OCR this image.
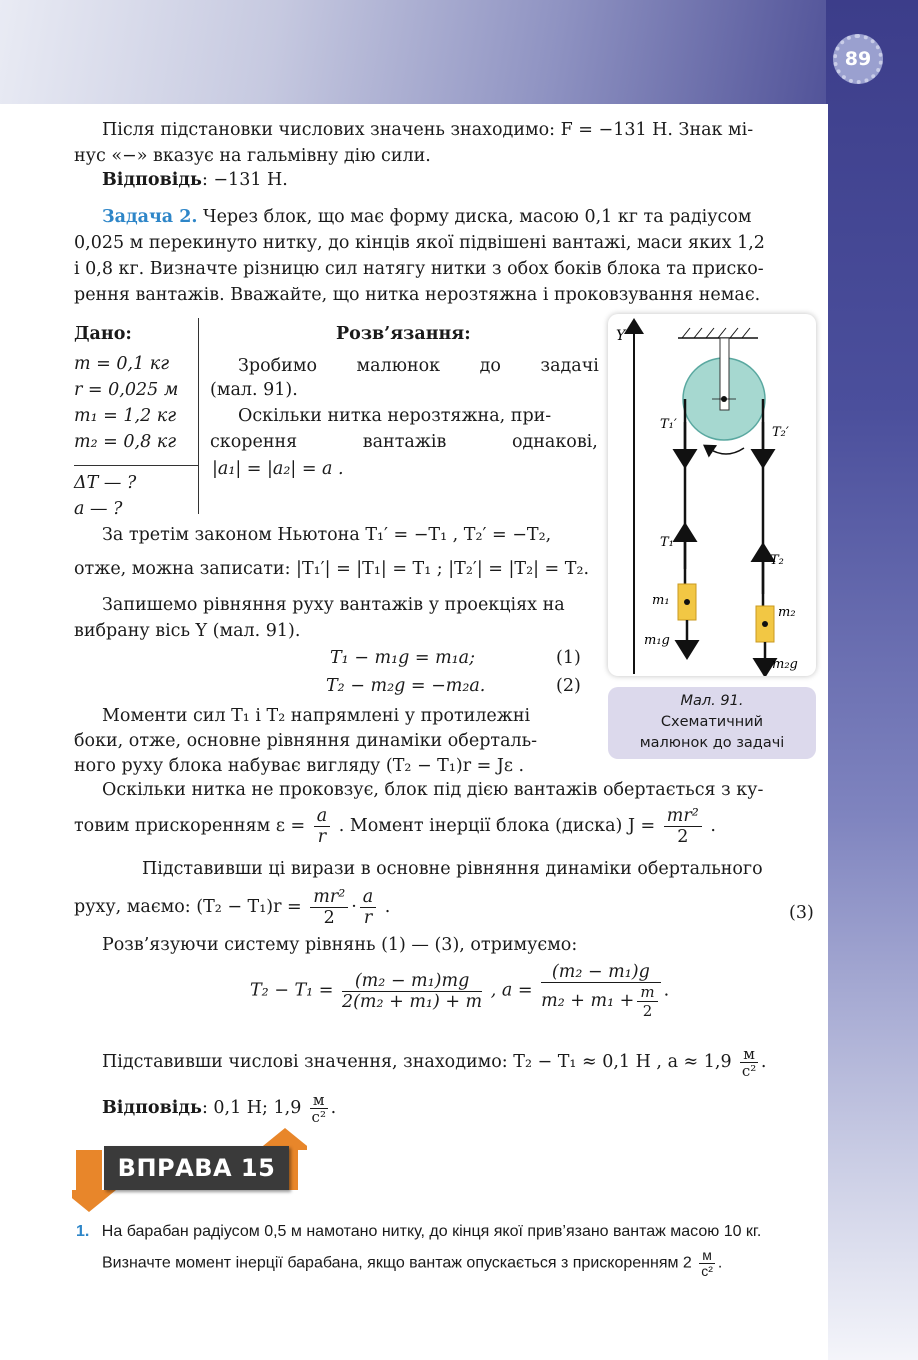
89
Після підстановки числових значень знаходимо: F = −131 Н. Знак мі-
нус «−» вказує на гальмівну дію сили.
Відповідь: −131 Н.
Задача 2. Через блок, що має форму диска, масою 0,1 кг та радіусом
0,025 м перекинуто нитку, до кінців якої підвішені вантажі, маси яких 1,2
і 0,8 кг. Визначте різницю сил натягу нитки з обох боків блока та приско-
рення вантажів. Вважайте, що нитка нерозтяжна і проковзування немає.
Дано:
m = 0,1 кг
r = 0,025 м
m₁ = 1,2 кг
m₂ = 0,8 кг
ΔT — ?
a — ?
Розв’язання:
Зробимо малюнок до задачі
(мал. 91).
Оскільки нитка нерозтяжна, при-
скорення вантажів однакові,
|a₁| = |a₂| = a .
За третім законом Ньютона T₁′ = −T₁ , T₂′ = −T₂,
отже, можна записати: |T₁′| = |T₁| = T₁ ; |T₂′| = |T₂| = T₂.
Запишемо рівняння руху вантажів у проекціях на
вибрану вісь Y (мал. 91).
T₁ − m₁g = m₁a;	(1)
T₂ − m₂g = −m₂a.	(2)
Моменти сил T₁ і T₂ напрямлені у протилежні
боки, отже, основне рівняння динаміки оберталь-
ного руху блока набуває вигляду (T₂ − T₁)r = Jε .
Оскільки нитка не проковзує, блок під дією вантажів обертається з ку-
товим прискоренням $\varepsilon = \frac{a}{r}$ . Момент інерції блока (диска) $J = \frac{\text{mr²}}{2}$ .
Підставивши ці вирази в основне рівняння динаміки обертального
руху, маємо: $(T_2 - T_1)r = \frac{\text{mr²}}{2} \cdot \frac{a}{r}$ .	(3)
Розв’язуючи систему рівнянь (1) — (3), отримуємо:
$T_2 - T_1 = \frac{\text{(m₂ − m₁)mg}}{\text{2(m₂ + m₁) + m}}$ , $a = \frac{\text{(m₂ − m₁)g}}{m_2 + m_1 + \frac{m}{2}}$ .
Підставивши числові значення, знаходимо: T₂ − T₁ ≈ 0,1 Н , $a \approx 1,9 \frac{м}{\text{с²}}$ .
Відповідь: 0,1 Н; $1,9 \frac{м}{\text{с²}}$ .
Y
T₁′
T₂′
T₁
T₂
m₁
m₂
m₁g
m₂g
Мал. 91.
Схематичний
малюнок до задачі
ВПРАВА 15
1. На барабан радіусом 0,5 м намотано нитку, до кінця якої прив’язано вантаж масою 10 кг.
Визначте момент інерції барабана, якщо вантаж опускається з прискоренням $2 \frac{м}{\text{с²}}$ .
